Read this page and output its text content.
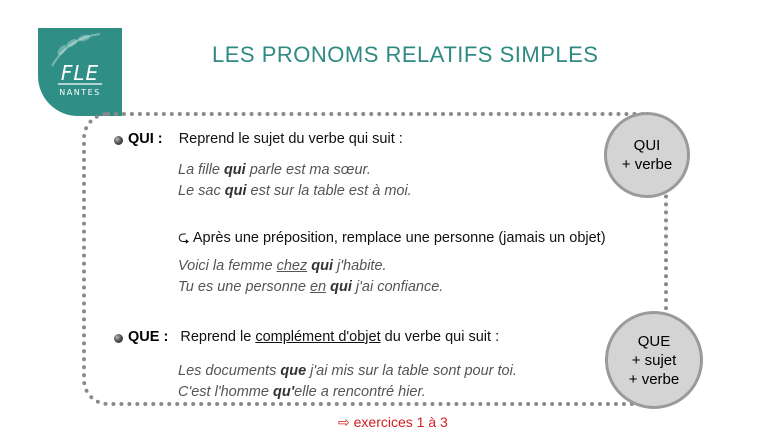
FLE
NANTES
LES PRONOMS RELATIFS SIMPLES
QUI : Reprend le sujet du verbe qui suit :
La fille qui parle est ma sœur.
Le sac qui est sur la table est à moi.
⮎ Après une préposition, remplace une personne (jamais un objet)
Voici la femme chez qui j'habite.
Tu es une personne en qui j'ai confiance.
QUI
+ verbe
QUE : Reprend le complément d'objet du verbe qui suit :
Les documents que j'ai mis sur la table sont pour toi.
C'est l'homme qu'elle a rencontré hier.
QUE
+ sujet
+ verbe
⇨ exercices 1 à 3
